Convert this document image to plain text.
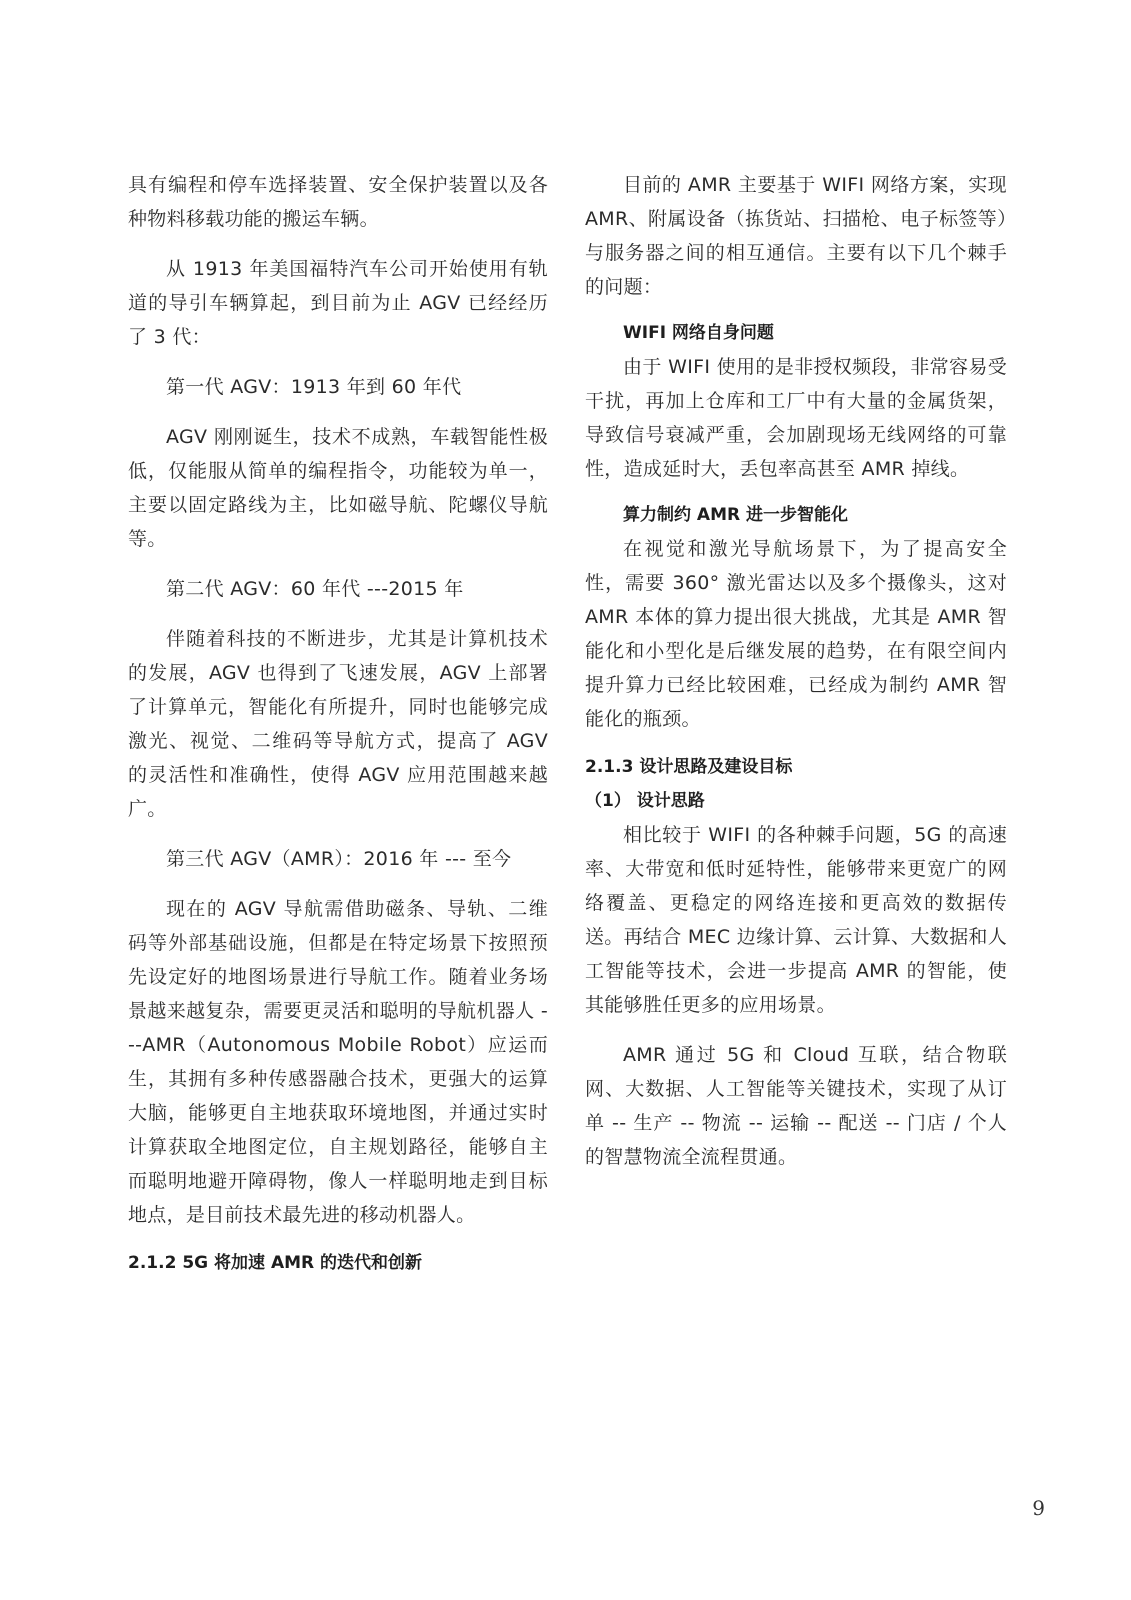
具有编程和停车选择装置、安全保护装置以及各种物料移载功能的搬运车辆。

从 1913 年美国福特汽车公司开始使用有轨道的导引车辆算起，到目前为止 AGV 已经经历了 3 代：

第一代 AGV：1913 年到 60 年代

AGV 刚刚诞生，技术不成熟，车载智能性极低，仅能服从简单的编程指令，功能较为单一，主要以固定路线为主，比如磁导航、陀螺仪导航等。

第二代 AGV：60 年代 ---2015 年

伴随着科技的不断进步，尤其是计算机技术的发展，AGV 也得到了飞速发展，AGV 上部署了计算单元，智能化有所提升，同时也能够完成激光、视觉、二维码等导航方式，提高了 AGV 的灵活性和准确性，使得 AGV 应用范围越来越广。

第三代 AGV（AMR）：2016 年 --- 至今

现在的 AGV 导航需借助磁条、导轨、二维码等外部基础设施，但都是在特定场景下按照预先设定好的地图场景进行导航工作。随着业务场景越来越复杂，需要更灵活和聪明的导航机器人 ---AMR（Autonomous Mobile Robot）应运而生，其拥有多种传感器融合技术，更强大的运算大脑，能够更自主地获取环境地图，并通过实时计算获取全地图定位，自主规划路径，能够自主而聪明地避开障碍物，像人一样聪明地走到目标地点，是目前技术最先进的移动机器人。

2.1.2 5G 将加速 AMR 的迭代和创新

目前的 AMR 主要基于 WIFI 网络方案，实现 AMR、附属设备（拣货站、扫描枪、电子标签等）与服务器之间的相互通信。主要有以下几个棘手的问题：

WIFI 网络自身问题

由于 WIFI 使用的是非授权频段，非常容易受干扰，再加上仓库和工厂中有大量的金属货架，导致信号衰减严重，会加剧现场无线网络的可靠性，造成延时大，丢包率高甚至 AMR 掉线。

算力制约 AMR 进一步智能化

在视觉和激光导航场景下，为了提高安全性，需要 360° 激光雷达以及多个摄像头，这对 AMR 本体的算力提出很大挑战，尤其是 AMR 智能化和小型化是后继发展的趋势，在有限空间内提升算力已经比较困难，已经成为制约 AMR 智能化的瓶颈。

2.1.3 设计思路及建设目标
（1） 设计思路

相比较于 WIFI 的各种棘手问题，5G 的高速率、大带宽和低时延特性，能够带来更宽广的网络覆盖、更稳定的网络连接和更高效的数据传送。再结合 MEC 边缘计算、云计算、大数据和人工智能等技术，会进一步提高 AMR 的智能，使其能够胜任更多的应用场景。

AMR 通过 5G 和 Cloud 互联，结合物联网、大数据、人工智能等关键技术，实现了从订单 -- 生产 -- 物流 -- 运输 -- 配送 -- 门店 / 个人的智慧物流全流程贯通。

9
